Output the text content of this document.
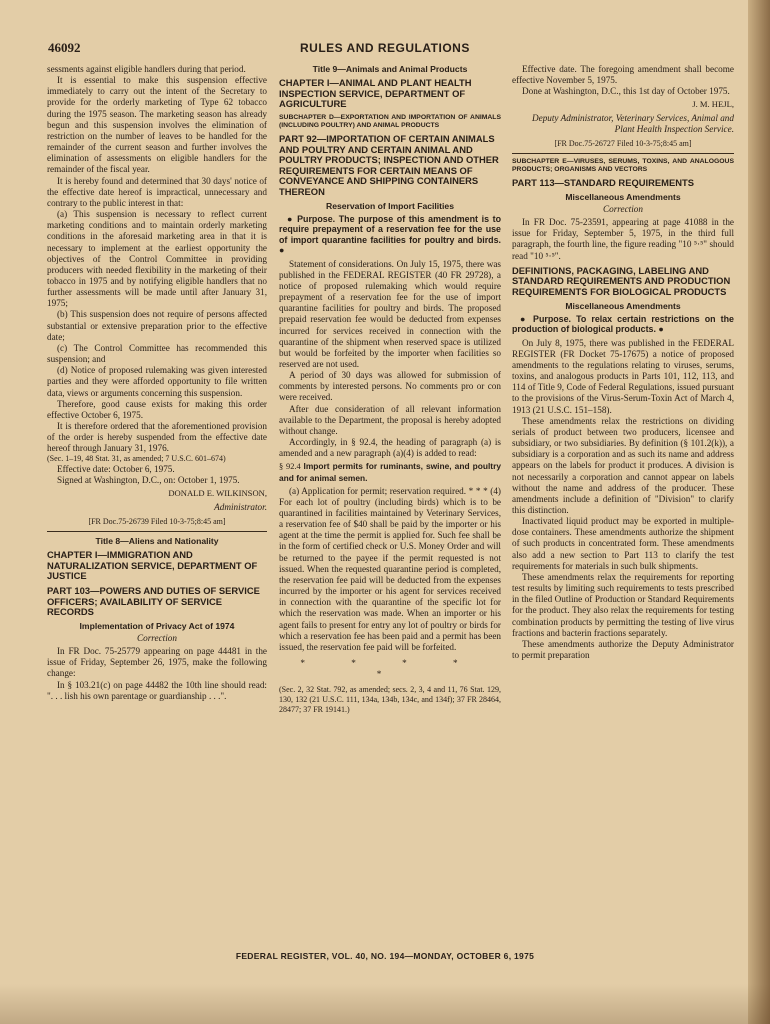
46092	RULES AND REGULATIONS

sessments against eligible handlers during that period.

It is essential to make this suspension effective immediately to carry out the intent of the Secretary to provide for the orderly marketing of Type 62 tobacco during the 1975 season. The marketing season has already begun and this suspension involves the elimination of restriction on the number of leaves to be handled for the remainder of the current season and further involves the elimination of assessments on eligible handlers for the remainder of the fiscal year.

It is hereby found and determined that 30 days' notice of the effective date hereof is impractical, unnecessary and contrary to the public interest in that:

(a) This suspension is necessary to reflect current marketing conditions and to maintain orderly marketing conditions in the aforesaid marketing area in that it is necessary to implement at the earliest opportunity the objectives of the Control Committee in providing producers with needed flexibility in the marketing of their tobacco in 1975 and by notifying eligible handlers that no further assessments will be made until after January 31, 1975;

(b) This suspension does not require of persons affected substantial or extensive preparation prior to the effective date;

(c) The Control Committee has recommended this suspension; and

(d) Notice of proposed rulemaking was given interested parties and they were afforded opportunity to file written data, views or arguments concerning this suspension.

Therefore, good cause exists for making this order effective October 6, 1975.

It is therefore ordered that the aforementioned provision of the order is hereby suspended from the effective date hereof through January 31, 1976.

(Sec. 1–19, 48 Stat. 31, as amended; 7 U.S.C. 601–674)

Effective date: October 6, 1975.

Signed at Washington, D.C., on: October 1, 1975.

DONALD E. WILKINSON,
Administrator.
[FR Doc.75-26739 Filed 10-3-75;8:45 am]
Title 8—Aliens and Nationality
CHAPTER I—IMMIGRATION AND NATURALIZATION SERVICE, DEPARTMENT OF JUSTICE
PART 103—POWERS AND DUTIES OF SERVICE OFFICERS; AVAILABILITY OF SERVICE RECORDS
Implementation of Privacy Act of 1974
Correction

In FR Doc. 75-25779 appearing on page 44481 in the issue of Friday, September 26, 1975, make the following change:

In § 103.21(c) on page 44482 the 10th line should read: ". . . lish his own parentage or guardianship . . .".

Title 9—Animals and Animal Products
CHAPTER I—ANIMAL AND PLANT HEALTH INSPECTION SERVICE, DEPARTMENT OF AGRICULTURE
SUBCHAPTER D—EXPORTATION AND IMPORTATION OF ANIMALS (INCLUDING POULTRY) AND ANIMAL PRODUCTS
PART 92—IMPORTATION OF CERTAIN ANIMALS AND POULTRY AND CERTAIN ANIMAL AND POULTRY PRODUCTS; INSPECTION AND OTHER REQUIREMENTS FOR CERTAIN MEANS OF CONVEYANCE AND SHIPPING CONTAINERS THEREON
Reservation of Import Facilities
● Purpose. The purpose of this amendment is to require prepayment of a reservation fee for the use of import quarantine facilities for poultry and birds. ●

Statement of considerations. On July 15, 1975, there was published in the FEDERAL REGISTER (40 FR 29728), a notice of proposed rulemaking which would require prepayment of a reservation fee for the use of import quarantine facilities for poultry and birds. The proposed prepaid reservation fee would be deducted from expenses incurred for services received in connection with the quarantine of the shipment when reserved space is utilized but would be forfeited by the importer when facilities so reserved are not used.

A period of 30 days was allowed for submission of comments by interested persons. No comments pro or con were received.

After due consideration of all relevant information available to the Department, the proposal is hereby adopted without change.

Accordingly, in § 92.4, the heading of paragraph (a) is amended and a new paragraph (a)(4) is added to read:

§ 92.4 Import permits for ruminants, swine, and poultry and for animal semen.

(a) Application for permit; reservation required. * * * (4) For each lot of poultry (including birds) which is to be quarantined in facilities maintained by Veterinary Services, a reservation fee of $40 shall be paid by the importer or his agent at the time the permit is applied for. Such fee shall be in the form of certified check or U.S. Money Order and will be returned to the payee if the permit requested is not issued. When the requested quarantine period is completed, the reservation fee paid will be deducted from the expenses incurred by the importer or his agent for services received in connection with the quarantine of the specific lot for which the reservation was made. When an importer or his agent fails to present for entry any lot of poultry or birds for which a reservation fee has been paid and a permit has been issued, the reservation fee paid will be forfeited.

* * * * *

(Sec. 2, 32 Stat. 792, as amended; secs. 2, 3, 4 and 11, 76 Stat. 129, 130, 132 (21 U.S.C. 111, 134a, 134b, 134c, and 134f); 37 FR 28464, 28477; 37 FR 19141.)

Effective date. The foregoing amendment shall become effective November 5, 1975.

Done at Washington, D.C., this 1st day of October 1975.

J. M. HEJL,
Deputy Administrator, Veterinary Services, Animal and Plant Health Inspection Service.
[FR Doc.75-26727 Filed 10-3-75;8:45 am]
SUBCHAPTER E—VIRUSES, SERUMS, TOXINS, AND ANALOGOUS PRODUCTS; ORGANISMS AND VECTORS
PART 113—STANDARD REQUIREMENTS
Miscellaneous Amendments
Correction

In FR Doc. 75-23591, appearing at page 41088 in the issue for Friday, September 5, 1975, in the third full paragraph, the fourth line, the figure reading "10 ⁵·⁵" should read "10 ⁵·⁵".

DEFINITIONS, PACKAGING, LABELING AND STANDARD REQUIREMENTS AND PRODUCTION REQUIREMENTS FOR BIOLOGICAL PRODUCTS
Miscellaneous Amendments
● Purpose. To relax certain restrictions on the production of biological products. ●

On July 8, 1975, there was published in the FEDERAL REGISTER (FR Docket 75-17675) a notice of proposed amendments to the regulations relating to viruses, serums, toxins, and analogous products in Parts 101, 112, 113, and 114 of Title 9, Code of Federal Regulations, issued pursuant to the provisions of the Virus-Serum-Toxin Act of March 4, 1913 (21 U.S.C. 151–158).

These amendments relax the restrictions on dividing serials of product between two producers, licensee and subsidiary, or two subsidiaries. By definition (§ 101.2(k)), a subsidiary is a corporation and as such its name and address appears on the labels for product it produces. A division is not necessarily a corporation and cannot appear on labels without the name and address of the producer. These amendments include a definition of "Division" to clarify this distinction.

Inactivated liquid product may be exported in multiple-dose containers. These amendments authorize the shipment of such products in concentrated form. These amendments also add a new section to Part 113 to clarify the test requirements for materials in such bulk shipments.

These amendments relax the requirements for reporting test results by limiting such requirements to tests prescribed in the filed Outline of Production or Standard Requirements for the product. They also relax the requirements for testing combination products by permitting the testing of live virus fractions and bacterin fractions separately.

These amendments authorize the Deputy Administrator to permit preparation

FEDERAL REGISTER, VOL. 40, NO. 194—MONDAY, OCTOBER 6, 1975
